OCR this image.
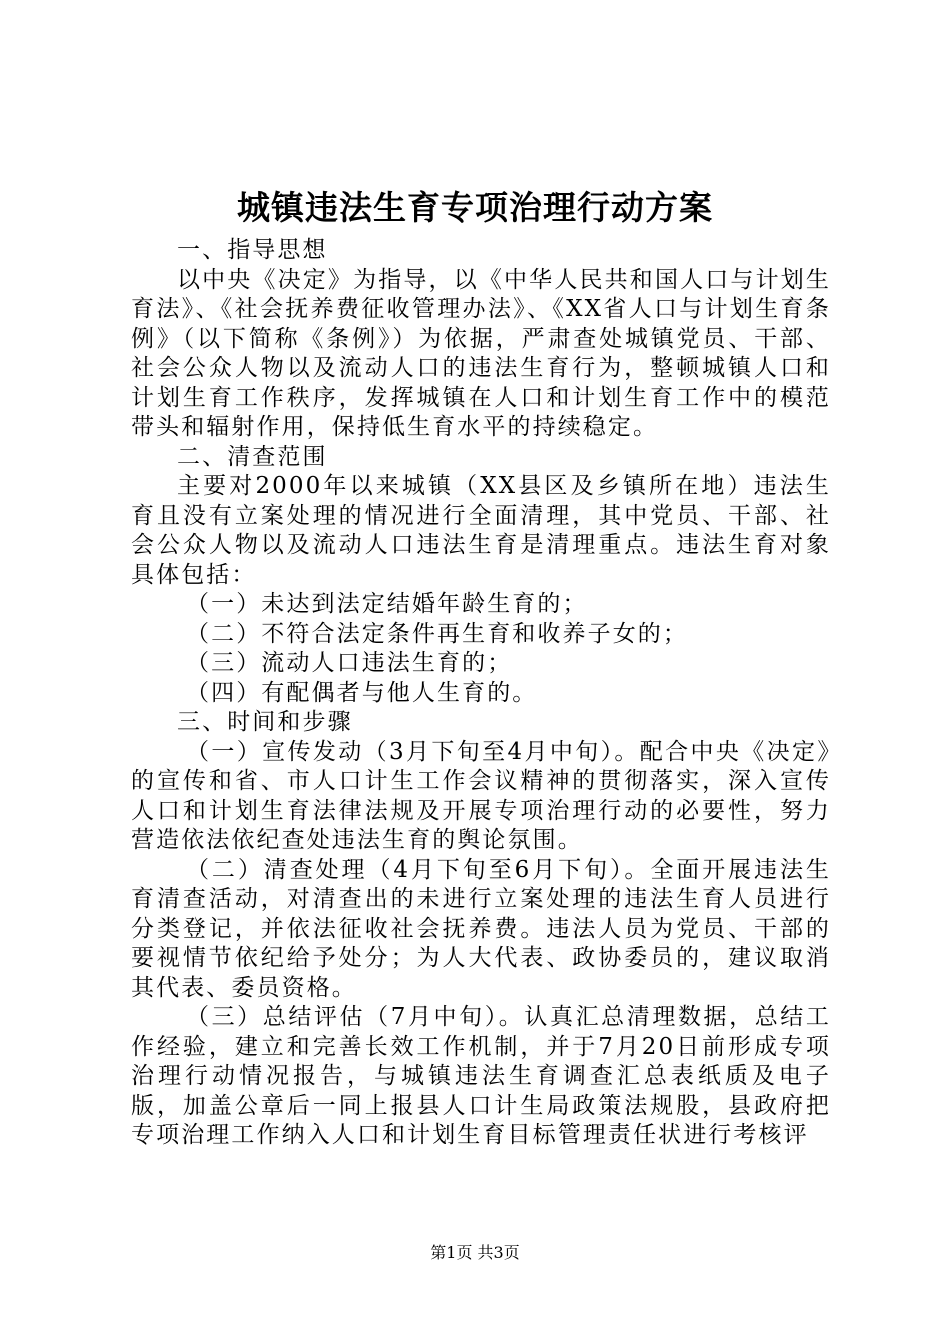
城镇违法生育专项治理行动方案

一、指导思想

以中央《决定》为指导，以《中华人民共和国人口与计划生育法》、《社会抚养费征收管理办法》、《XX省人口与计划生育条例》（以下简称《条例》）为依据，严肃查处城镇党员、干部、社会公众人物以及流动人口的违法生育行为，整顿城镇人口和计划生育工作秩序，发挥城镇在人口和计划生育工作中的模范带头和辐射作用，保持低生育水平的持续稳定。

二、清查范围

主要对2000年以来城镇（XX县区及乡镇所在地）违法生育且没有立案处理的情况进行全面清理，其中党员、干部、社会公众人物以及流动人口违法生育是清理重点。违法生育对象具体包括：

（一）未达到法定结婚年龄生育的；

（二）不符合法定条件再生育和收养子女的；

（三）流动人口违法生育的；

（四）有配偶者与他人生育的。

三、时间和步骤

（一）宣传发动（3月下旬至4月中旬）。配合中央《决定》的宣传和省、市人口计生工作会议精神的贯彻落实，深入宣传人口和计划生育法律法规及开展专项治理行动的必要性，努力营造依法依纪查处违法生育的舆论氛围。

（二）清查处理（4月下旬至6月下旬）。全面开展违法生育清查活动，对清查出的未进行立案处理的违法生育人员进行分类登记，并依法征收社会抚养费。违法人员为党员、干部的要视情节依纪给予处分；为人大代表、政协委员的，建议取消其代表、委员资格。

（三）总结评估（7月中旬）。认真汇总清理数据，总结工作经验，建立和完善长效工作机制，并于7月20日前形成专项治理行动情况报告，与城镇违法生育调查汇总表纸质及电子版，加盖公章后一同上报县人口计生局政策法规股，县政府把专项治理工作纳入人口和计划生育目标管理责任状进行考核评

第1页 共3页
